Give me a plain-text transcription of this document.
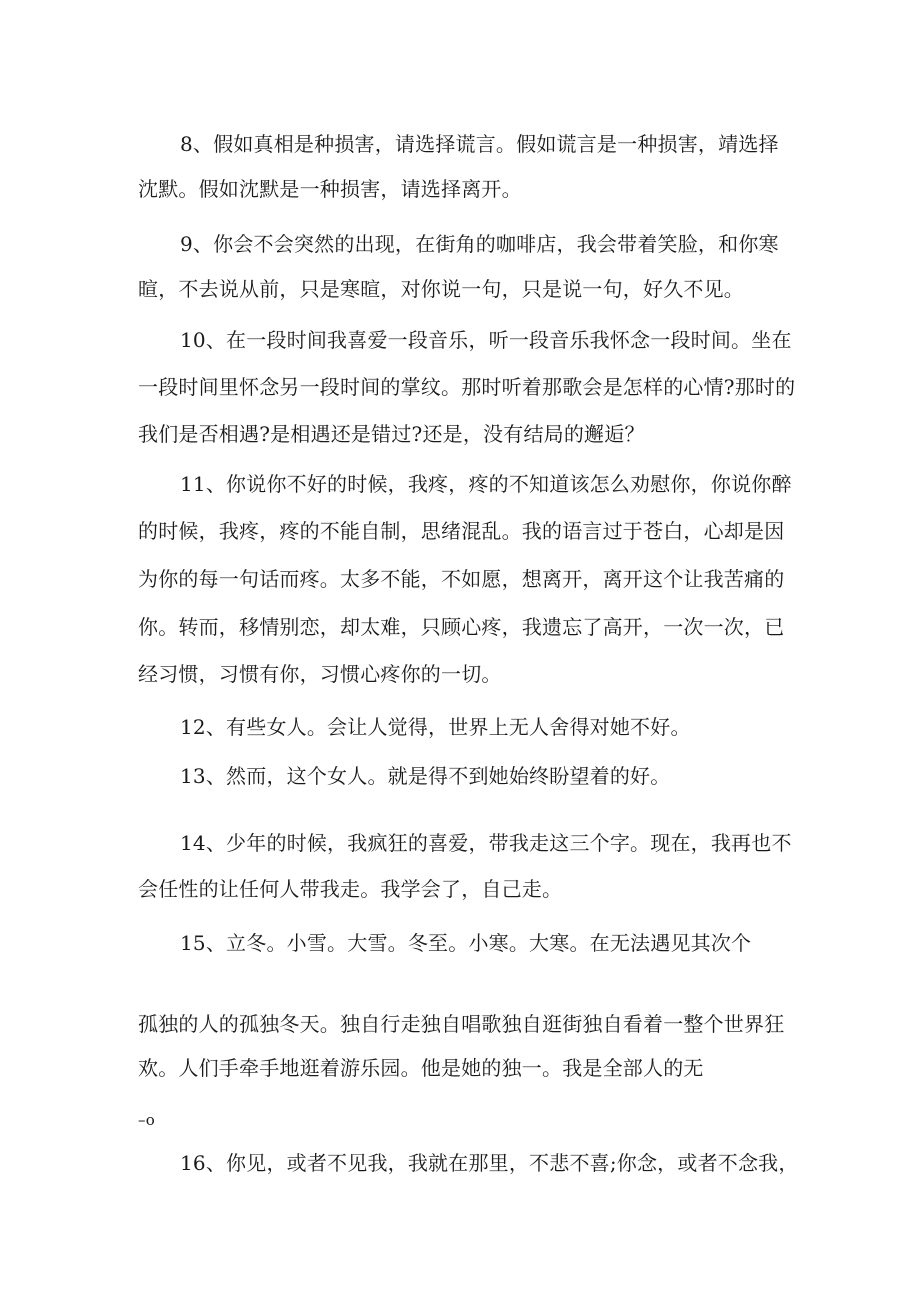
8、假如真相是种损害，请选择谎言。假如谎言是一种损害，靖选择
沈默。假如沈默是一种损害，请选择离开。
9、你会不会突然的出现，在街角的咖啡店，我会带着笑脸，和你寒
暄，不去说从前，只是寒暄，对你说一句，只是说一句，好久不见。
10、在一段时间我喜爱一段音乐，听一段音乐我怀念一段时间。坐在
一段时间里怀念另一段时间的掌纹。那时听着那歌会是怎样的心情?那时的
我们是否相遇?是相遇还是错过?还是，没有结局的邂逅？
11、你说你不好的时候，我疼，疼的不知道该怎么劝慰你，你说你醉
的时候，我疼，疼的不能自制，思绪混乱。我的语言过于苍白，心却是因
为你的每一句话而疼。太多不能，不如愿，想离开，离开这个让我苦痛的
你。转而，移情别恋，却太难，只顾心疼，我遗忘了高开，一次一次，已
经习惯，习惯有你，习惯心疼你的一切。
12、有些女人。会让人觉得，世界上无人舍得对她不好。
13、然而，这个女人。就是得不到她始终盼望着的好。
14、少年的时候，我疯狂的喜爱，带我走这三个字。现在，我再也不
会任性的让任何人带我走。我学会了，自己走。
15、立冬。小雪。大雪。冬至。小寒。大寒。在无法遇见其次个
孤独的人的孤独冬天。独自行走独自唱歌独自逛街独自看着一整个世界狂
欢。人们手牵手地逛着游乐园。他是她的独一。我是全部人的无
–o
16、你见，或者不见我，我就在那里，不悲不喜;你念，或者不念我，
